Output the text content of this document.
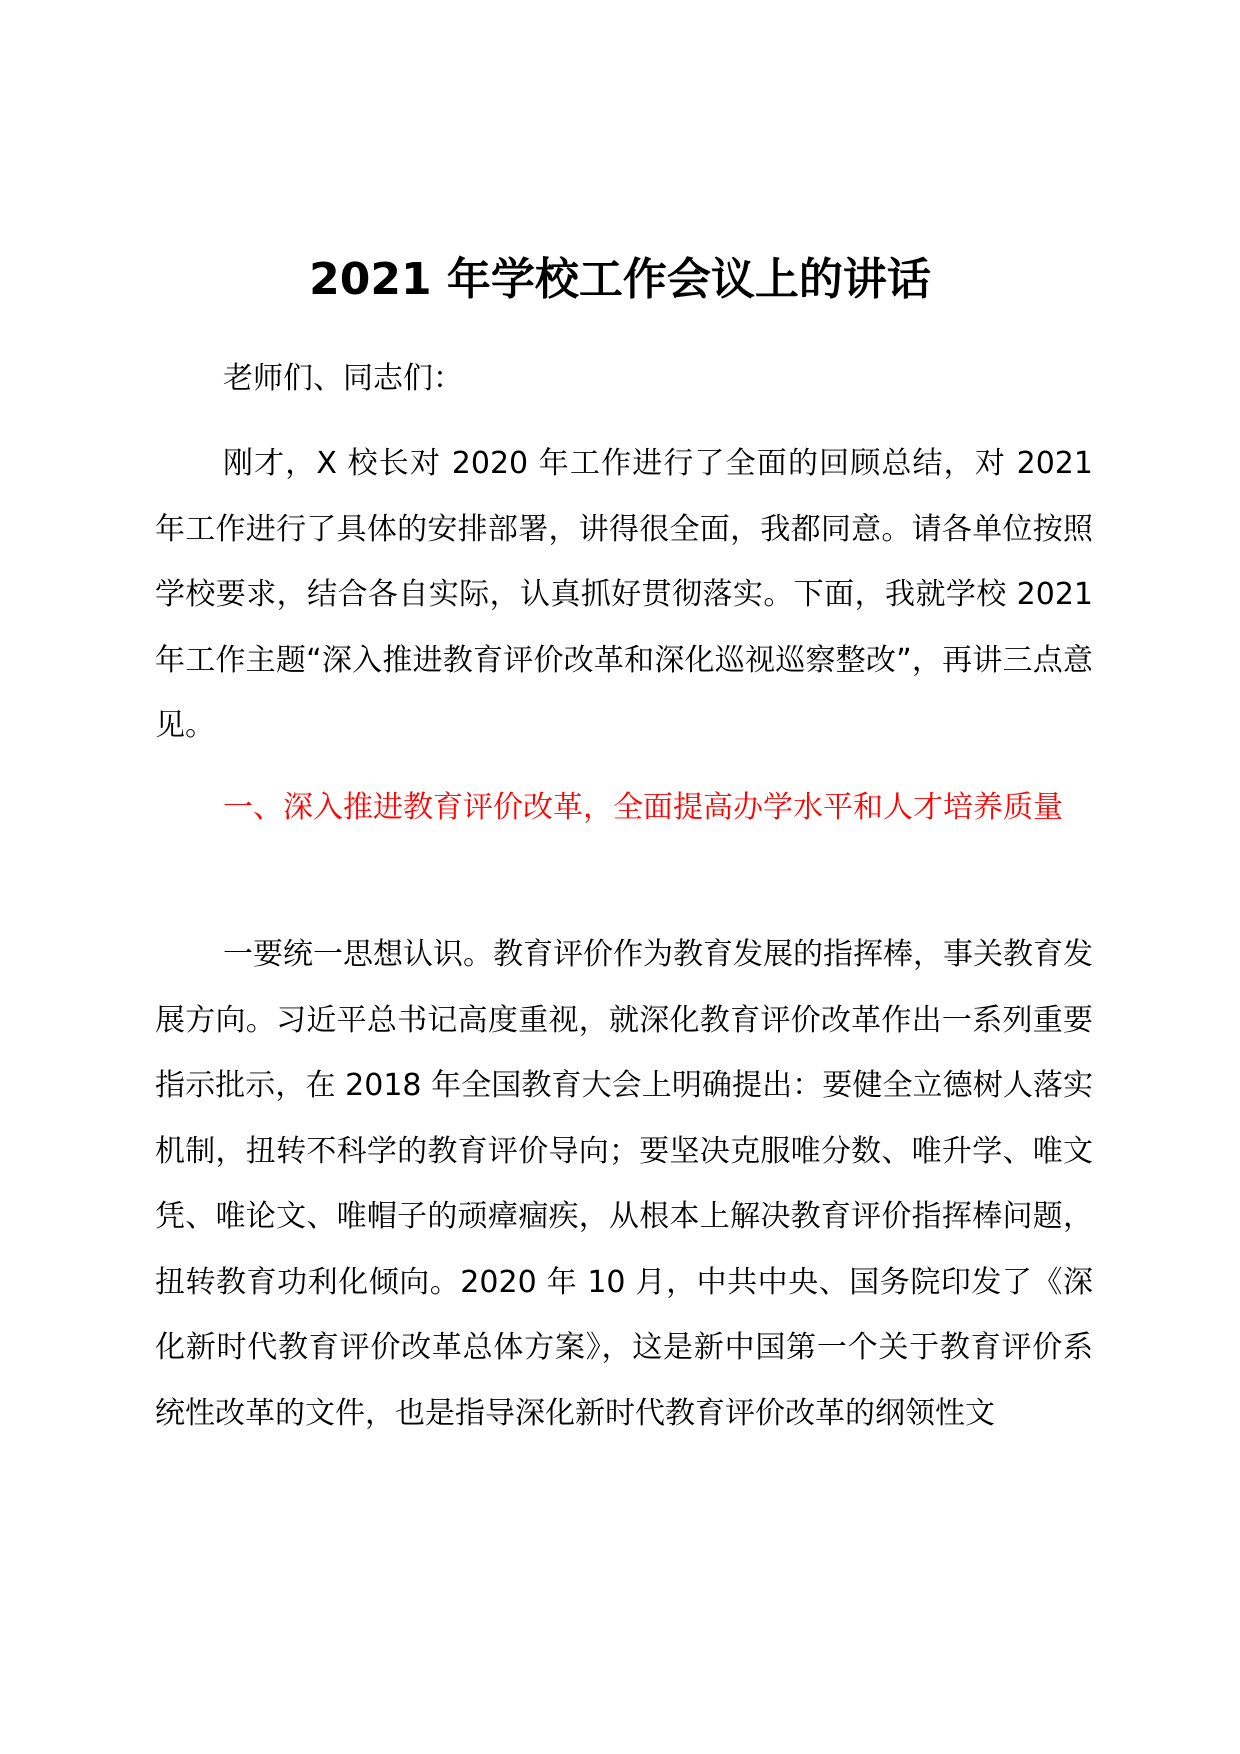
2021 年学校工作会议上的讲话

老师们、同志们：

刚才，X 校长对 2020 年工作进行了全面的回顾总结，对 2021 年工作进行了具体的安排部署，讲得很全面，我都同意。请各单位按照学校要求，结合各自实际，认真抓好贯彻落实。下面，我就学校 2021 年工作主题“深入推进教育评价改革和深化巡视巡察整改”，再讲三点意见。

一、深入推进教育评价改革，全面提高办学水平和人才培养质量

一要统一思想认识。教育评价作为教育发展的指挥棒，事关教育发展方向。习近平总书记高度重视，就深化教育评价改革作出一系列重要指示批示，在 2018 年全国教育大会上明确提出：要健全立德树人落实机制，扭转不科学的教育评价导向；要坚决克服唯分数、唯升学、唯文凭、唯论文、唯帽子的顽瘴痼疾，从根本上解决教育评价指挥棒问题，扭转教育功利化倾向。2020 年 10 月，中共中央、国务院印发了《深化新时代教育评价改革总体方案》，这是新中国第一个关于教育评价系统性改革的文件，也是指导深化新时代教育评价改革的纲领性文
